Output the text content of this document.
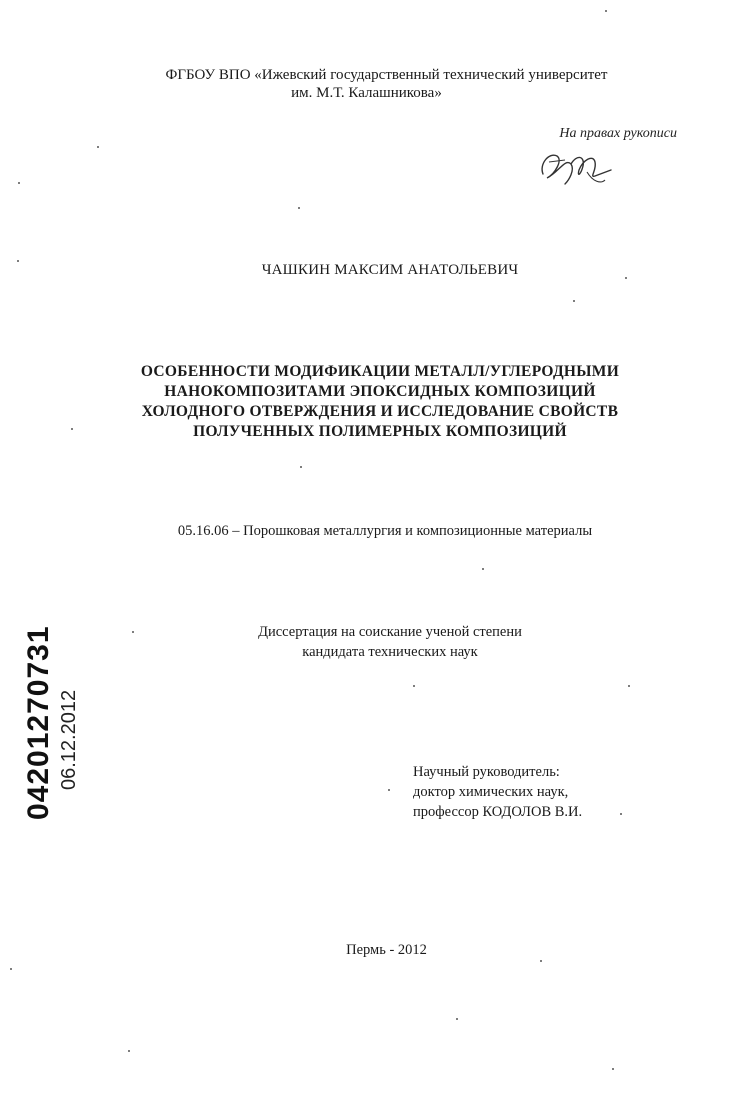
ФГБОУ ВПО «Ижевский государственный технический университет
им. М.Т. Калашникова»
На правах рукописи
ЧАШКИН МАКСИМ АНАТОЛЬЕВИЧ
ОСОБЕННОСТИ МОДИФИКАЦИИ МЕТАЛЛ/УГЛЕРОДНЫМИ
НАНОКОМПОЗИТАМИ ЭПОКСИДНЫХ КОМПОЗИЦИЙ
ХОЛОДНОГО ОТВЕРЖДЕНИЯ И ИССЛЕДОВАНИЕ СВОЙСТВ
ПОЛУЧЕННЫХ ПОЛИМЕРНЫХ КОМПОЗИЦИЙ
05.16.06 – Порошковая металлургия и композиционные материалы
Диссертация на соискание ученой степени
кандидата технических наук
Научный руководитель:
доктор химических наук,
профессор КОДОЛОВ В.И.
Пермь - 2012
04201270731 06.12.2012
